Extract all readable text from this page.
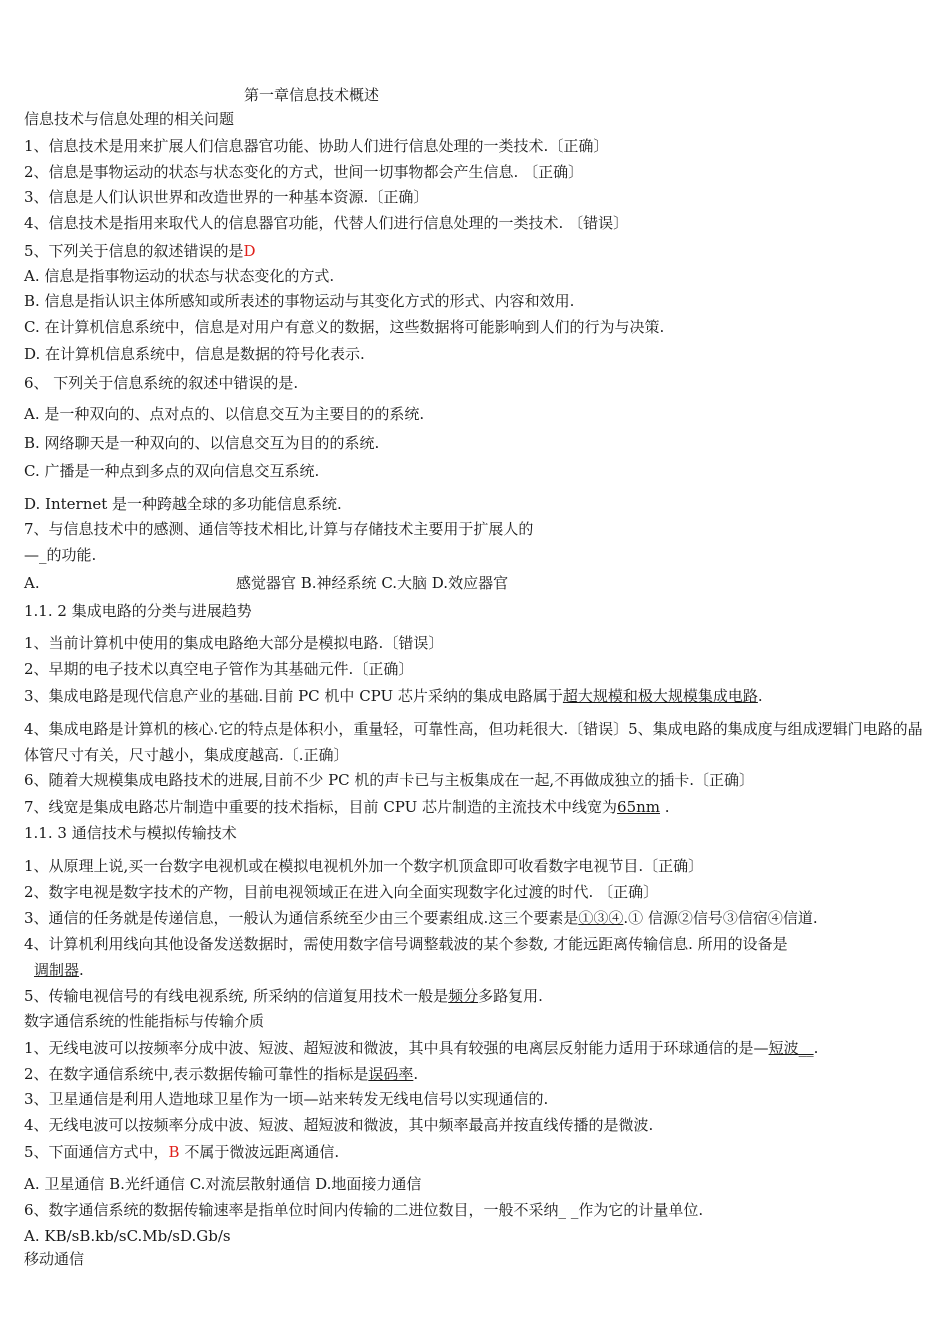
第一章信息技术概述
信息技术与信息处理的相关问题
1、信息技术是用来扩展人们信息器官功能、协助人们进行信息处理的一类技术.〔正确〕
2、信息是事物运动的状态与状态变化的方式，世间一切事物都会产生信息. 〔正确〕
3、信息是人们认识世界和改造世界的一种基本资源.〔正确〕
4、信息技术是指用来取代人的信息器官功能，代替人们进行信息处理的一类技术. 〔错误〕
5、下列关于信息的叙述错误的是D
A. 信息是指事物运动的状态与状态变化的方式.
B. 信息是指认识主体所感知或所表述的事物运动与其变化方式的形式、内容和效用.
C. 在计算机信息系统中，信息是对用户有意义的数据，这些数据将可能影响到人们的行为与决策.
D. 在计算机信息系统中，信息是数据的符号化表示.
6、 下列关于信息系统的叙述中错误的是.
A. 是一种双向的、点对点的、以信息交互为主要目的的系统.
B. 网络聊天是一种双向的、以信息交互为目的的系统.
C. 广播是一种点到多点的双向信息交互系统.
D. Internet 是一种跨越全球的多功能信息系统.
7、与信息技术中的感测、通信等技术相比,计算与存储技术主要用于扩展人的
—_的功能.
A.	感觉器官 B.神经系统 C.大脑 D.效应器官
1.1. 2 集成电路的分类与进展趋势
1、当前计算机中使用的集成电路绝大部分是模拟电路.〔错误〕
2、早期的电子技术以真空电子管作为其基础元件.〔正确〕
3、集成电路是现代信息产业的基础.目前 PC 机中 CPU 芯片采纳的集成电路属于超大规模和极大规模集成电路.
4、集成电路是计算机的核心.它的特点是体积小，重量轻，可靠性高，但功耗很大.〔错误〕5、集成电路的集成度与组成逻辑门电路的晶体管尺寸有关，尺寸越小，集成度越高.〔.正确〕
6、随着大规模集成电路技术的进展,目前不少 PC 机的声卡已与主板集成在一起,不再做成独立的插卡.〔正确〕
7、线宽是集成电路芯片制造中重要的技术指标，目前 CPU 芯片制造的主流技术中线宽为65nm .
1.1. 3 通信技术与模拟传输技术
1、从原理上说,买一台数字电视机或在模拟电视机外加一个数字机顶盒即可收看数字电视节目.〔正确〕
2、数字电视是数字技术的产物，目前电视领域正在进入向全面实现数字化过渡的时代. 〔正确〕
3、通信的任务就是传递信息，一般认为通信系统至少由三个要素组成.这三个要素是①③④.① 信源②信号③信宿④信道.
4、计算机利用线向其他设备发送数据时，需使用数字信号调整载波的某个参数, 才能远距离传输信息. 所用的设备是
调制器.
5、传输电视信号的有线电视系统, 所采纳的信道复用技术一般是频分多路复用.
数字通信系统的性能指标与传输介质
1、无线电波可以按频率分成中波、短波、超短波和微波，其中具有较强的电离层反射能力适用于环球通信的是—短波__.
2、在数字通信系统中,表示数据传输可靠性的指标是误码率.
3、卫星通信是利用人造地球卫星作为一顷—站来转发无线电信号以实现通信的.
4、无线电波可以按频率分成中波、短波、超短波和微波，其中频率最高并按直线传播的是微波.
5、下面通信方式中，B 不属于微波远距离通信.
A. 卫星通信 B.光纤通信 C.对流层散射通信 D.地面接力通信
6、数字通信系统的数据传输速率是指单位时间内传输的二进位数目，一般不采纳_ _作为它的计量单位.
A. KB/sB.kb/sC.Mb/sD.Gb/s
移动通信
